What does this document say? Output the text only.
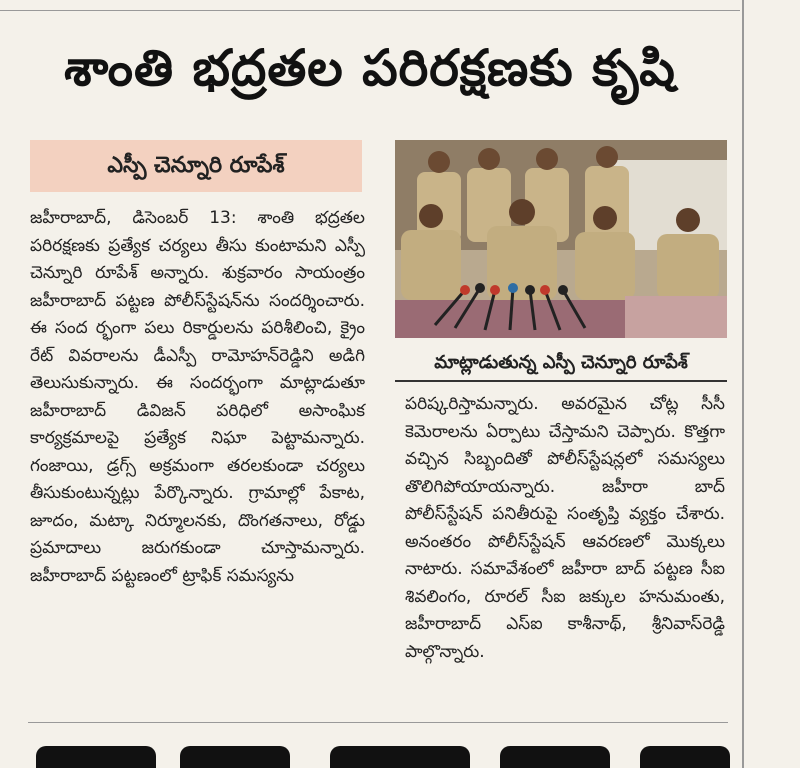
శాంతి భద్రతల పరిరక్షణకు కృషి
ఎస్పీ చెన్నూరి రూపేశ్

జహీరాబాద్, డిసెంబర్ 13: శాంతి భద్రతల పరిరక్షణకు ప్రత్యేక చర్యలు తీసు కుంటామని ఎస్పీ చెన్నూరి రూపేశ్ అన్నారు. శుక్రవారం సాయంత్రం జహీరాబాద్ పట్టణ పోలీస్‌స్టేషన్‌ను సందర్శించారు. ఈ సంద ర్భంగా పలు రికార్డులను పరిశీలించి, క్రైం రేట్ వివరాలను డీఎస్పీ రామోహన్‌రెడ్డిని అడిగి తెలుసుకున్నారు. ఈ సందర్భంగా మాట్లాడుతూ జహీరాబాద్ డివిజన్ పరిధిలో అసాంఘిక కార్యక్రమాలపై ప్రత్యేక నిఘా పెట్టామన్నారు. గంజాయి, డ్రగ్స్ అక్రమంగా తరలకుండా చర్యలు తీసుకుంటున్నట్లు పేర్కొన్నారు. గ్రామాల్లో పేకాట, జూదం, మట్కా నిర్మూలనకు, దొంగతనాలు, రోడ్డు ప్రమాదాలు జరుగకుండా చూస్తామన్నారు. జహీరాబాద్ పట్టణంలో ట్రాఫిక్ సమస్యను

మాట్లాడుతున్న ఎస్పీ చెన్నూరి రూపేశ్

పరిష్కరిస్తామన్నారు. అవరమైన చోట్ల సీసీ కెమెరాలను ఏర్పాటు చేస్తామని చెప్పారు. కొత్తగా వచ్చిన సిబ్బందితో పోలీస్‌స్టేషన్లలో సమస్యలు తొలిగిపోయాయన్నారు. జహీరా బాద్ పోలీస్‌స్టేషన్ పనితీరుపై సంతృప్తి వ్యక్తం చేశారు. అనంతరం పోలీస్‌స్టేషన్ ఆవరణలో మొక్కలు నాటారు. సమావేశంలో జహీరా బాద్ పట్టణ సీఐ శివలింగం, రూరల్ సీఐ జక్కుల హనుమంతు, జహీరాబాద్ ఎస్ఐ కాశీనాథ్, శ్రీనివాస్‌రెడ్డి పాల్గొన్నారు.
